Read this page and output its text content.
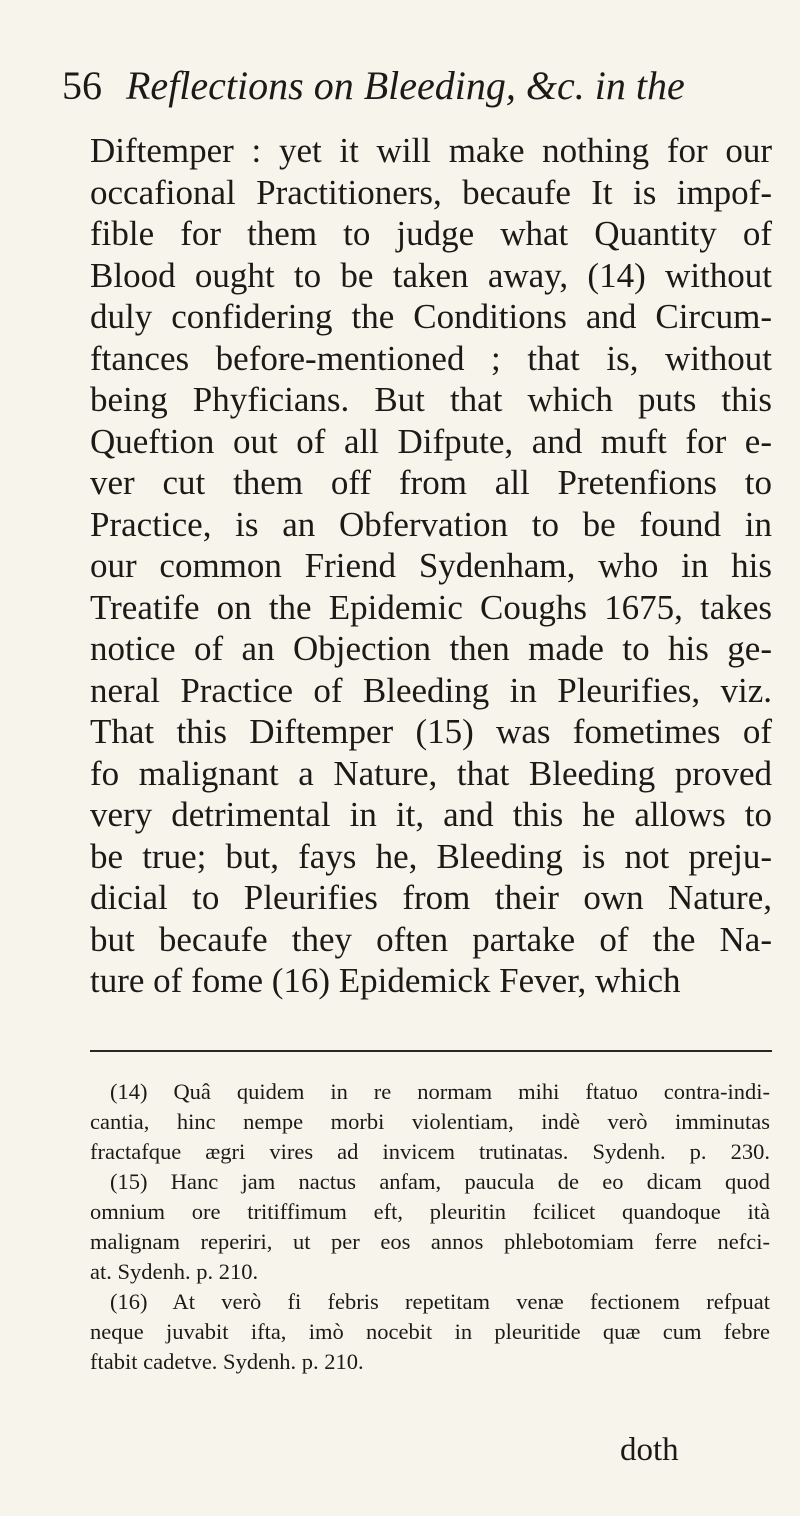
56 Reflections on Bleeding, &c. in the
Diftemper : yet it will make nothing for our
occafional Practitioners, becaufe It is impof-
fible for them to judge what Quantity of
Blood ought to be taken away, (14) without
duly confidering the Conditions and Circum-
ftances before-mentioned ; that is, without
being Phyficians. But that which puts this
Queftion out of all Difpute, and muft for e-
ver cut them off from all Pretenfions to
Practice, is an Obfervation to be found in
our common Friend Sydenham, who in his
Treatife on the Epidemic Coughs 1675, takes
notice of an Objection then made to his ge-
neral Practice of Bleeding in Pleurifies, viz.
That this Diftemper (15) was fometimes of
fo malignant a Nature, that Bleeding proved
very detrimental in it, and this he allows to
be true; but, fays he, Bleeding is not preju-
dicial to Pleurifies from their own Nature,
but becaufe they often partake of the Na-
ture of fome (16) Epidemick Fever, which
(14) Quâ quidem in re normam mihi ftatuo contra-indi-
cantia, hinc nempe morbi violentiam, indè verò imminutas
fractafque ægri vires ad invicem trutinatas. Sydenh. p. 230.
(15) Hanc jam nactus anfam, paucula de eo dicam quod
omnium ore tritiffimum eft, pleuritin fcilicet quandoque ità
malignam reperiri, ut per eos annos phlebotomiam ferre nefci-
at. Sydenh. p. 210.
(16) At verò fi febris repetitam venæ fectionem refpuat
neque juvabit ifta, imò nocebit in pleuritide quæ cum febre
ftabit cadetve. Sydenh. p. 210.
doth
